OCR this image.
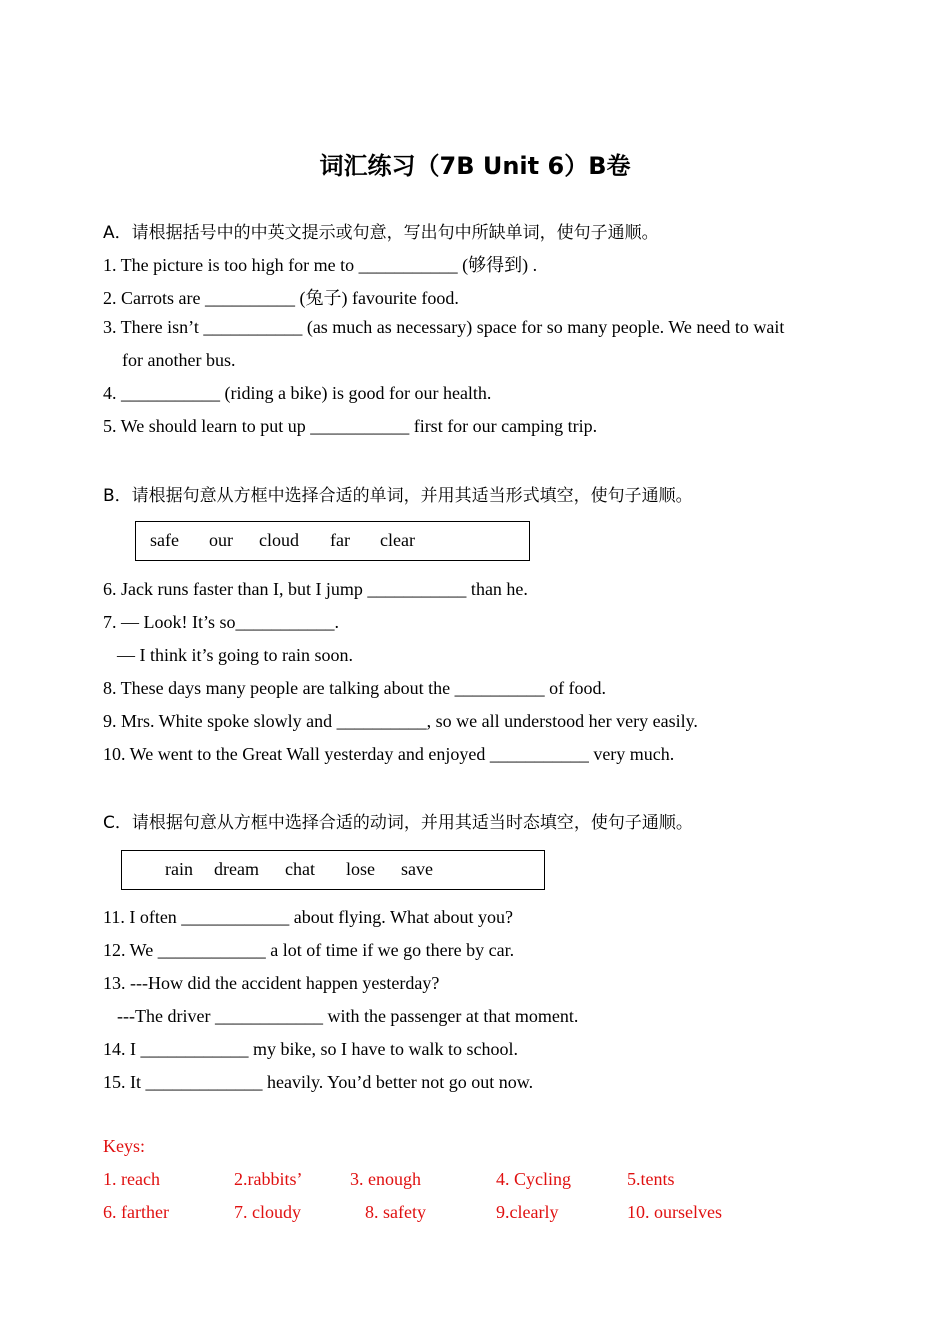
词汇练习（7B Unit 6）B卷
A．请根据括号中的中英文提示或句意，写出句中所缺单词，使句子通顺。
1. The picture is too high for me to ___________ (够得到) .
2. Carrots are __________ (兔子) favourite food.
3. There isn’t ___________ (as much as necessary) space for so many people. We need to wait
for another bus.
4. ___________ (riding a bike) is good for our health.
5. We should learn to put up ___________ first for our camping trip.
B．请根据句意从方框中选择合适的单词，并用其适当形式填空，使句子通顺。
safe our cloud far clear
6. Jack runs faster than I, but I jump ___________ than he.
7. — Look! It’s so___________.
— I think it’s going to rain soon.
8. These days many people are talking about the __________ of food.
9. Mrs. White spoke slowly and __________, so we all understood her very easily.
10. We went to the Great Wall yesterday and enjoyed ___________ very much.
C．请根据句意从方框中选择合适的动词，并用其适当时态填空，使句子通顺。
rain dream chat lose save
11. I often ____________ about flying. What about you?
12. We ____________ a lot of time if we go there by car.
13. ---How did the accident happen yesterday?
---The driver ____________ with the passenger at that moment.
14. I ____________ my bike, so I have to walk to school.
15. It _____________ heavily. You’d better not go out now.
Keys:
1. reach	2.rabbits’	3. enough	4. Cycling	5.tents
6. farther	7. cloudy	8. safety	9.clearly	10. ourselves
